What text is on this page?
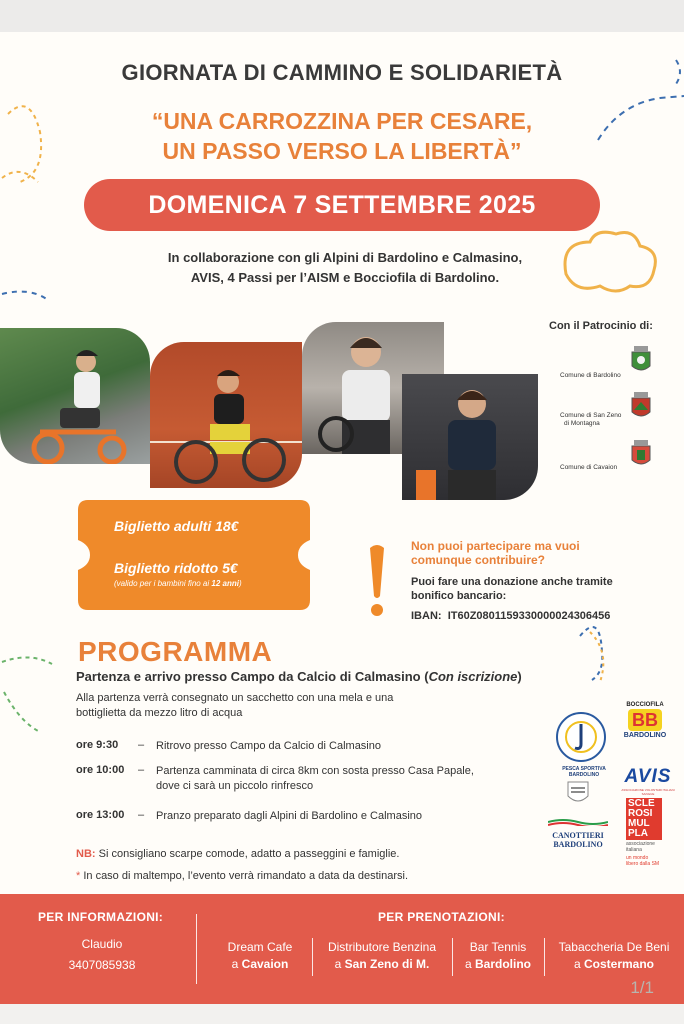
GIORNATA DI CAMMINO E SOLIDARIETÀ
“UNA CARROZZINA PER CESARE,
UN PASSO VERSO LA LIBERTÀ”
DOMENICA 7 SETTEMBRE 2025
In collaborazione con gli Alpini di Bardolino e Calmasino,
AVIS, 4 Passi per l’AISM e Bocciofila di Bardolino.
Con il Patrocinio di:
Comune di Bardolino
Comune di San Zeno
di Montagna
Comune di Cavaion
Biglietto adulti 18€
Biglietto ridotto 5€
(valido per i bambini fino ai 12 anni)
Non puoi partecipare ma vuoi
comunque contribuire?
Puoi fare una donazione anche tramite
bonifico bancario:
IBAN: IT60Z0801159330000024306456
PROGRAMMA
Partenza e arrivo presso Campo da Calcio di Calmasino (Con iscrizione)
Alla partenza verrà consegnato un sacchetto con una mela e una
bottiglietta da mezzo litro di acqua
ore 9:30 – Ritrovo presso Campo da Calcio di Calmasino
ore 10:00 – Partenza camminata di circa 8km con sosta presso Casa Papale,
dove ci sarà un piccolo rinfresco
ore 13:00 – Pranzo preparato dagli Alpini di Bardolino e Calmasino
NB: Si consigliano scarpe comode, adatto a passeggini e famiglie.
* In caso di maltempo, l’evento verrà rimandato a data da destinarsi.
PESCA SPORTIVA BARDOLINO
BOCCIOFILA
BB
BARDOLINO
AVIS
ASSOCIAZIONE VOLONTARI ITALIANI SANGUE

CANOTTIERI
BARDOLINO
SCLE
ROSI
MUL
PLA
associazione
italiana
un mondo
libero dalla SM
PER INFORMAZIONI:
Claudio
3407085938
PER PRENOTAZIONI:
Dream Cafe
a Cavaion
Distributore Benzina
a San Zeno di M.
Bar Tennis
a Bardolino
Tabaccheria De Beni
a Costermano
1/1
